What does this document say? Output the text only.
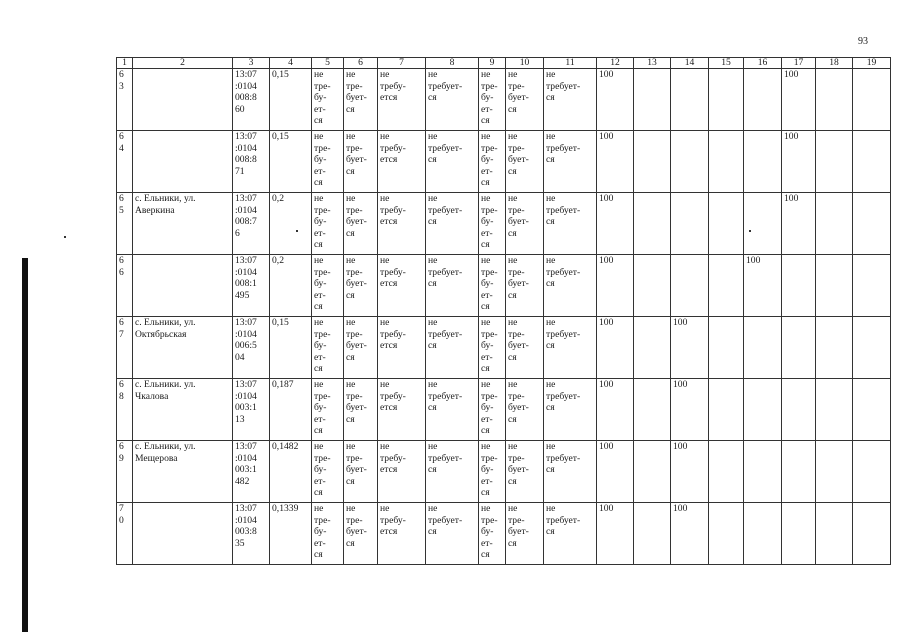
93
1	2	3	4	5	6	7	8	9	10	11	12	13	14	15	16	17	18	19
6
3		13:07
:0104
008:8
60	0,15	не
тре-
бу-
ет-
ся	не
тре-
бует-
ся	не
требу-
ется	не
требует-
ся	не
тре-
бу-
ет-
ся	не
тре-
бует-
ся	не
требует-
ся	100					100		
6
4		13:07
:0104
008:8
71	0,15	не
тре-
бу-
ет-
ся	не
тре-
бует-
ся	не
требу-
ется	не
требует-
ся	не
тре-
бу-
ет-
ся	не
тре-
бует-
ся	не
требует-
ся	100					100		
6
5	с. Ельники, ул.
Аверкина	13:07
:0104
008:7
6	0,2	не
тре-
бу-
ет-
ся	не
тре-
бует-
ся	не
требу-
ется	не
требует-
ся	не
тре-
бу-
ет-
ся	не
тре-
бует-
ся	не
требует-
ся	100					100		
6
6		13:07
:0104
008:1
495	0,2	не
тре-
бу-
ет-
ся	не
тре-
бует-
ся	не
требу-
ется	не
требует-
ся	не
тре-
бу-
ет-
ся	не
тре-
бует-
ся	не
требует-
ся	100				100			
6
7	с. Ельники, ул.
Октябрьская	13:07
:0104
006:5
04	0,15	не
тре-
бу-
ет-
ся	не
тре-
бует-
ся	не
требу-
ется	не
требует-
ся	не
тре-
бу-
ет-
ся	не
тре-
бует-
ся	не
требует-
ся	100		100					
6
8	с. Ельники. ул.
Чкалова	13:07
:0104
003:1
13	0,187	не
тре-
бу-
ет-
ся	не
тре-
бует-
ся	не
требу-
ется	не
требует-
ся	не
тре-
бу-
ет-
ся	не
тре-
бует-
ся	не
требует-
ся	100		100					
6
9	с. Ельники, ул.
Мещерова	13:07
:0104
003:1
482	0,1482	не
тре-
бу-
ет-
ся	не
тре-
бует-
ся	не
требу-
ется	не
требует-
ся	не
тре-
бу-
ет-
ся	не
тре-
бует-
ся	не
требует-
ся	100		100					
7
0		13:07
:0104
003:8
35	0,1339	не
тре-
бу-
ет-
ся	не
тре-
бует-
ся	не
требу-
ется	не
требует-
ся	не
тре-
бу-
ет-
ся	не
тре-
бует-
ся	не
требует-
ся	100		100					
